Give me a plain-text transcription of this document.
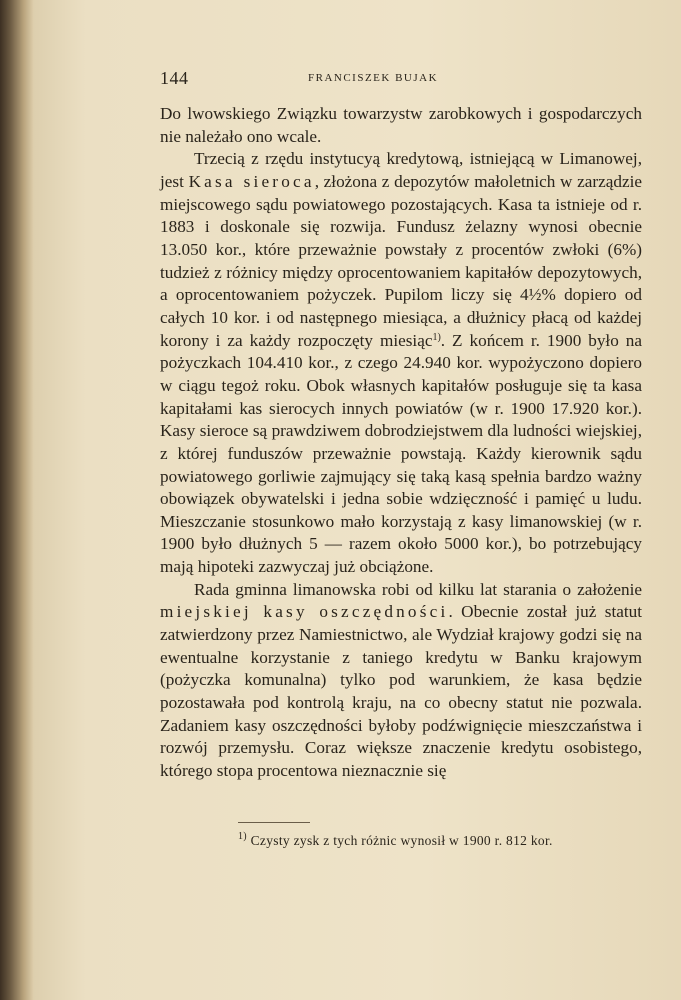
144	FRANCISZEK BUJAK

Do lwowskiego Związku towarzystw zarobkowych i gospodarczych nie należało ono wcale.

Trzecią z rzędu instytucyą kredytową, istniejącą w Limanowej, jest Kasa sieroca, złożona z depozytów małoletnich w zarządzie miejscowego sądu powiatowego pozostających. Kasa ta istnieje od r. 1883 i doskonale się rozwija. Fundusz żelazny wynosi obecnie 13.050 kor., które przeważnie powstały z procentów zwłoki (6%) tudzież z różnicy między oprocentowaniem kapitałów depozytowych, a oprocentowaniem pożyczek. Pupilom liczy się 4½% dopiero od całych 10 kor. i od następnego miesiąca, a dłużnicy płacą od każdej korony i za każdy rozpoczęty miesiąc$^{1)}$. Z końcem r. 1900 było na pożyczkach 104.410 kor., z czego 24.940 kor. wypożyczono dopiero w ciągu tegoż roku. Obok własnych kapitałów posługuje się ta kasa kapitałami kas sierocych innych powiatów (w r. 1900 17.920 kor.). Kasy sieroce są prawdziwem dobrodziejstwem dla ludności wiejskiej, z której funduszów przeważnie powstają. Każdy kierownik sądu powiatowego gorliwie zajmujący się taką kasą spełnia bardzo ważny obowiązek obywatelski i jedna sobie wdzięczność i pamięć u ludu. Mieszczanie stosunkowo mało korzystają z kasy limanowskiej (w r. 1900 było dłużnych 5 — razem około 5000 kor.), bo potrzebujący mają hipoteki zazwyczaj już obciążone.

Rada gminna limanowska robi od kilku lat starania o założenie miejskiej kasy oszczędności. Obecnie został już statut zatwierdzony przez Namiestnictwo, ale Wydział krajowy godzi się na ewentualne korzystanie z taniego kredytu w Banku krajowym (pożyczka komunalna) tylko pod warunkiem, że kasa będzie pozostawała pod kontrolą kraju, na co obecny statut nie pozwala. Zadaniem kasy oszczędności byłoby podźwignięcie mieszczaństwa i rozwój przemysłu. Coraz większe znaczenie kredytu osobistego, którego stopa procentowa nieznacznie się

$^{1)}$ Czysty zysk z tych różnic wynosił w 1900 r. 812 kor.
